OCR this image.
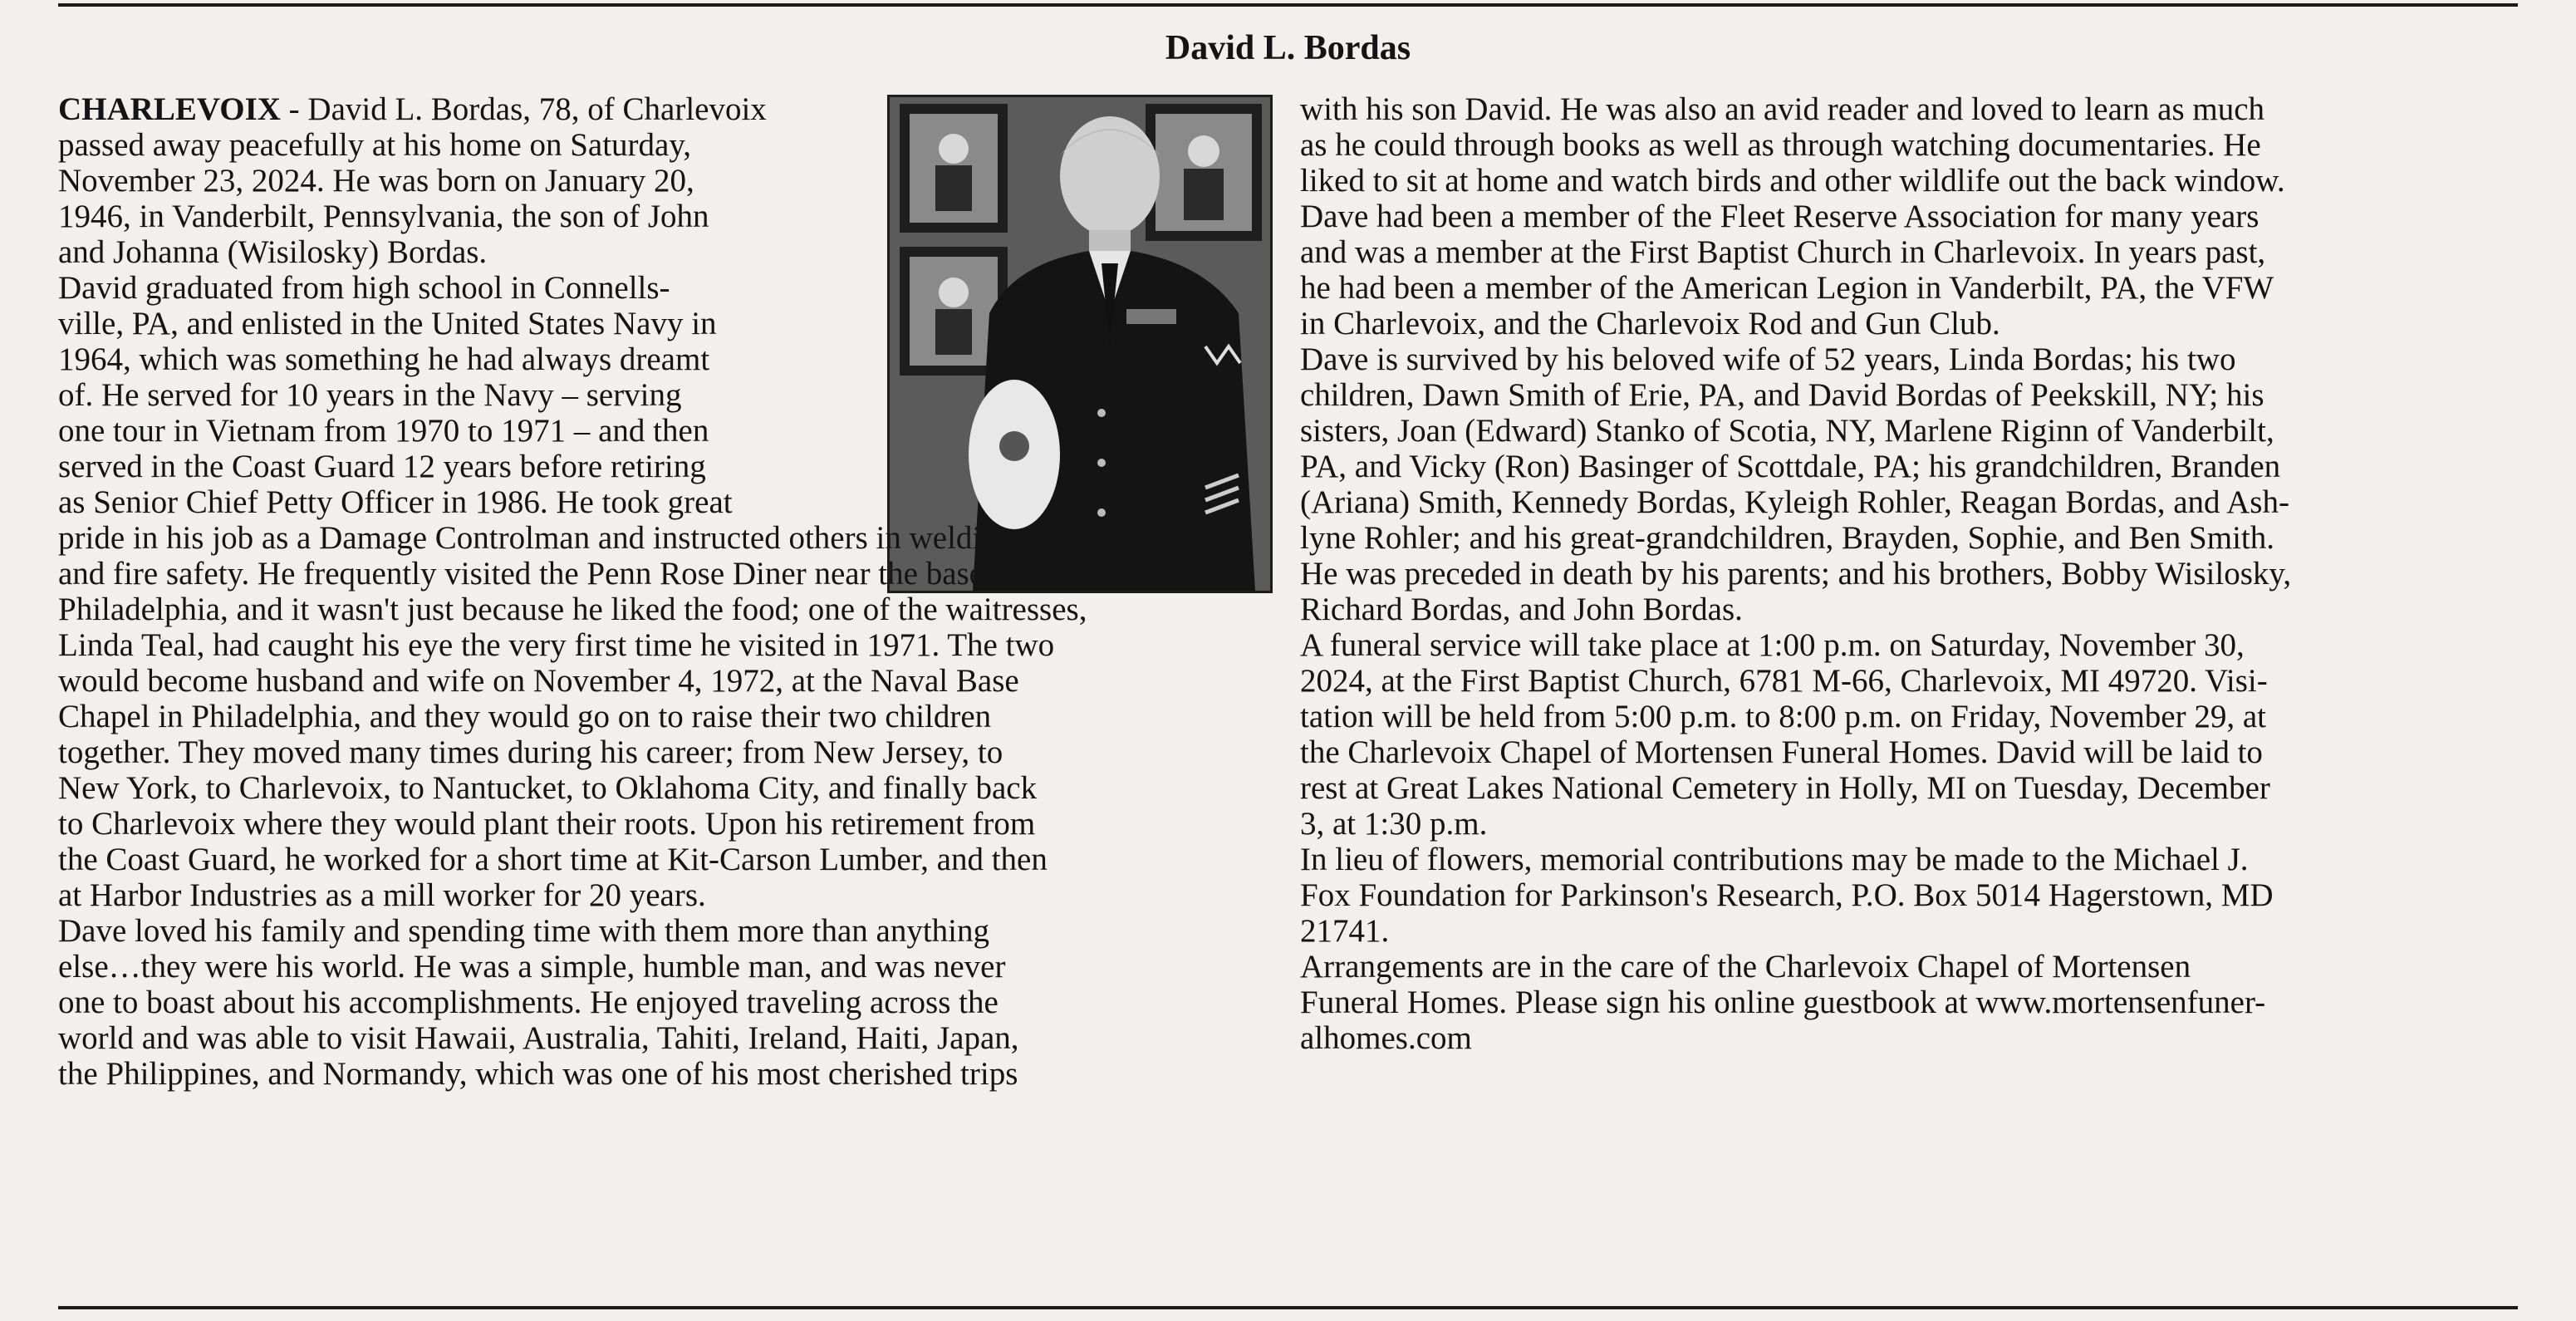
David L. Bordas
CHARLEVOIX - David L. Bordas, 78, of Charlevoix
passed away peacefully at his home on Saturday,
November 23, 2024. He was born on January 20,
1946, in Vanderbilt, Pennsylvania, the son of John
and Johanna (Wisilosky) Bordas.
David graduated from high school in Connells-
ville, PA, and enlisted in the United States Navy in
1964, which was something he had always dreamt
of. He served for 10 years in the Navy – serving
one tour in Vietnam from 1970 to 1971 – and then
served in the Coast Guard 12 years before retiring
as Senior Chief Petty Officer in 1986. He took great
pride in his job as a Damage Controlman and instructed others in welding
and fire safety. He frequently visited the Penn Rose Diner near the base in
Philadelphia, and it wasn't just because he liked the food; one of the waitresses,
Linda Teal, had caught his eye the very first time he visited in 1971. The two
would become husband and wife on November 4, 1972, at the Naval Base
Chapel in Philadelphia, and they would go on to raise their two children
together. They moved many times during his career; from New Jersey, to
New York, to Charlevoix, to Nantucket, to Oklahoma City, and finally back
to Charlevoix where they would plant their roots. Upon his retirement from
the Coast Guard, he worked for a short time at Kit-Carson Lumber, and then
at Harbor Industries as a mill worker for 20 years.
Dave loved his family and spending time with them more than anything
else…they were his world. He was a simple, humble man, and was never
one to boast about his accomplishments. He enjoyed traveling across the
world and was able to visit Hawaii, Australia, Tahiti, Ireland, Haiti, Japan,
the Philippines, and Normandy, which was one of his most cherished trips
with his son David. He was also an avid reader and loved to learn as much
as he could through books as well as through watching documentaries. He
liked to sit at home and watch birds and other wildlife out the back window.
Dave had been a member of the Fleet Reserve Association for many years
and was a member at the First Baptist Church in Charlevoix. In years past,
he had been a member of the American Legion in Vanderbilt, PA, the VFW
in Charlevoix, and the Charlevoix Rod and Gun Club.
Dave is survived by his beloved wife of 52 years, Linda Bordas; his two
children, Dawn Smith of Erie, PA, and David Bordas of Peekskill, NY; his
sisters, Joan (Edward) Stanko of Scotia, NY, Marlene Riginn of Vanderbilt,
PA, and Vicky (Ron) Basinger of Scottdale, PA; his grandchildren, Branden
(Ariana) Smith, Kennedy Bordas, Kyleigh Rohler, Reagan Bordas, and Ash-
lyne Rohler; and his great-grandchildren, Brayden, Sophie, and Ben Smith.
He was preceded in death by his parents; and his brothers, Bobby Wisilosky,
Richard Bordas, and John Bordas.
A funeral service will take place at 1:00 p.m. on Saturday, November 30,
2024, at the First Baptist Church, 6781 M-66, Charlevoix, MI 49720. Visi-
tation will be held from 5:00 p.m. to 8:00 p.m. on Friday, November 29, at
the Charlevoix Chapel of Mortensen Funeral Homes. David will be laid to
rest at Great Lakes National Cemetery in Holly, MI on Tuesday, December
3, at 1:30 p.m.
In lieu of flowers, memorial contributions may be made to the Michael J.
Fox Foundation for Parkinson's Research, P.O. Box 5014 Hagerstown, MD
21741.
Arrangements are in the care of the Charlevoix Chapel of Mortensen
Funeral Homes. Please sign his online guestbook at www.mortensenfuner-
alhomes.com
